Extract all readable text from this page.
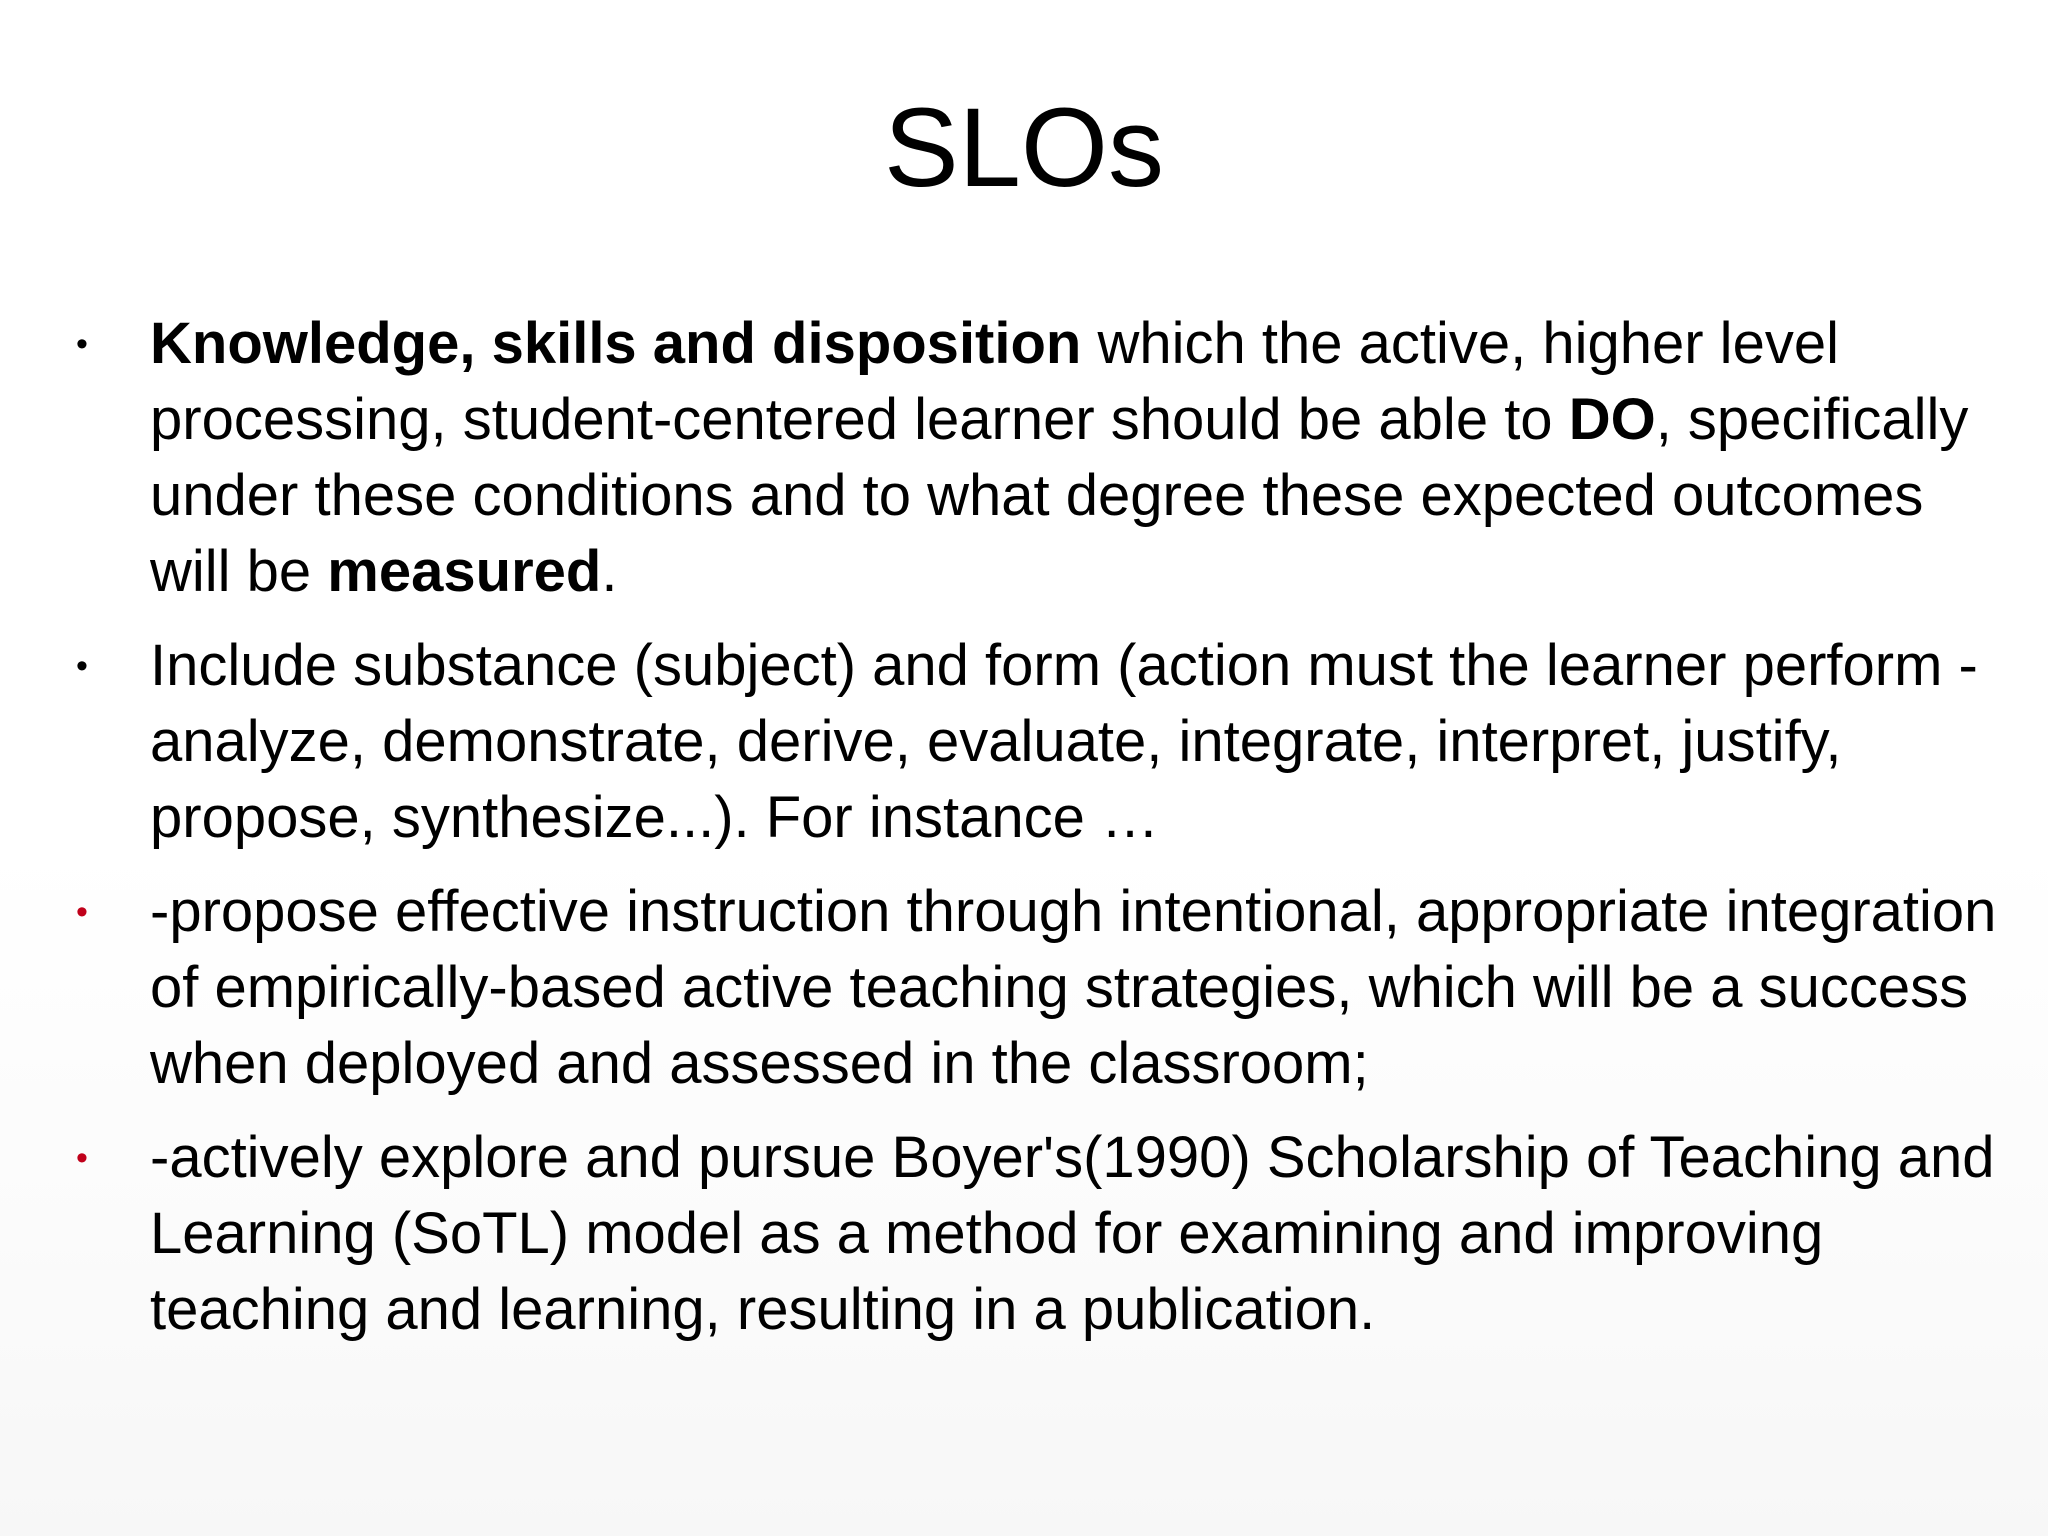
SLOs
• Knowledge, skills and disposition which the active, higher level processing, student-centered learner should be able to DO, specifically under these conditions and to what degree these expected outcomes will be measured.
• Include substance (subject) and form (action must the learner perform -analyze, demonstrate, derive, evaluate, integrate, interpret, justify, propose, synthesize...). For instance …
• -propose effective instruction through intentional, appropriate integration of empirically-based active teaching strategies, which will be a success when deployed and assessed in the classroom;
• -actively explore and pursue Boyer's(1990) Scholarship of Teaching and Learning (SoTL) model as a method for examining and improving teaching and learning, resulting in a publication.
